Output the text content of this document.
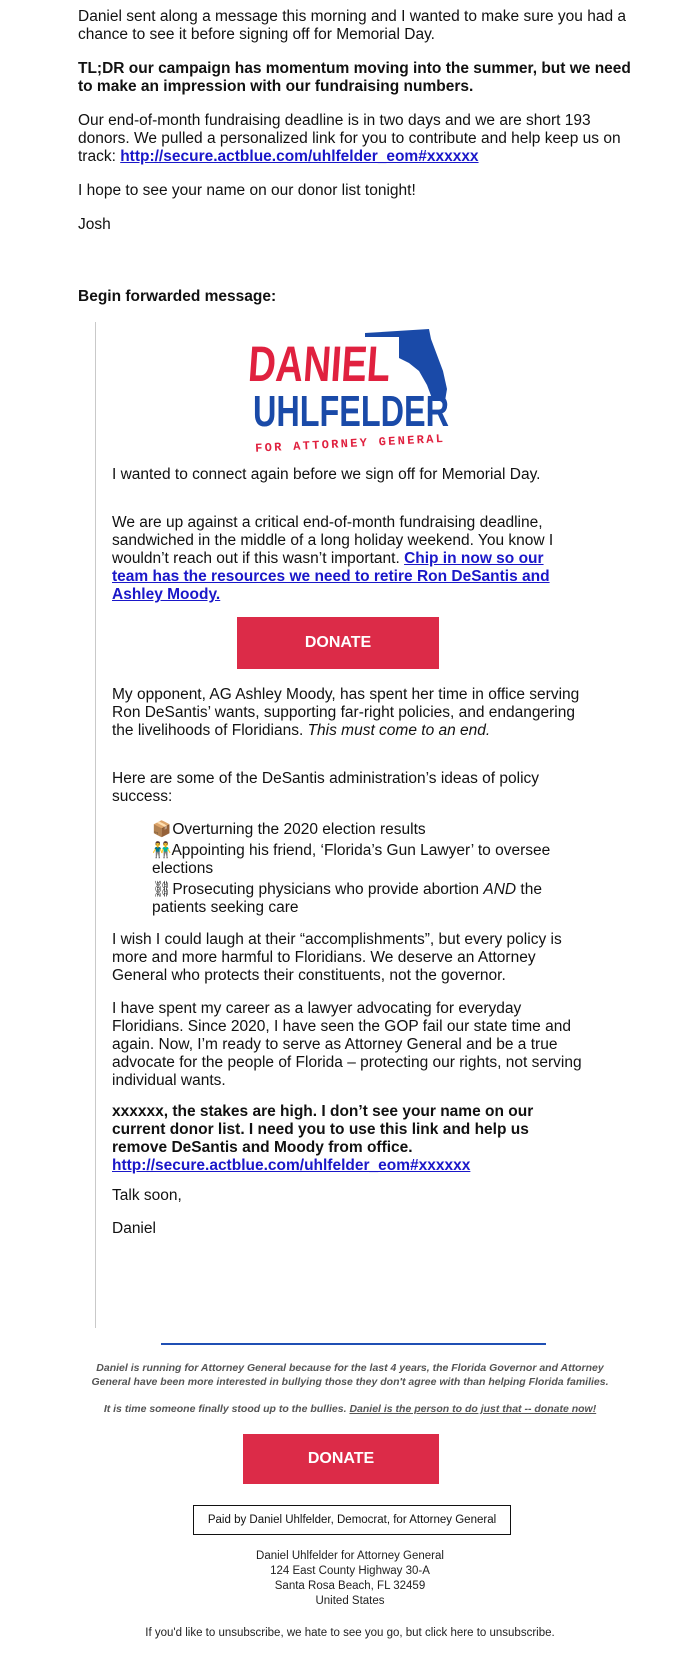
Daniel sent along a message this morning and I wanted to make sure you had a chance to see it before signing off for Memorial Day.

TL;DR our campaign has momentum moving into the summer, but we need to make an impression with our fundraising numbers.

Our end-of-month fundraising deadline is in two days and we are short 193 donors. We pulled a personalized link for you to contribute and help keep us on track: http://secure.actblue.com/uhlfelder_eom#xxxxxx

I hope to see your name on our donor list tonight!

Josh

Begin forwarded message:
DANIEL
UHLFELDER
FOR ATTORNEY GENERAL
I wanted to connect again before we sign off for Memorial Day.
We are up against a critical end-of-month fundraising deadline, sandwiched in the middle of a long holiday weekend. You know I wouldn’t reach out if this wasn’t important. Chip in now so our team has the resources we need to retire Ron DeSantis and Ashley Moody.
DONATE
My opponent, AG Ashley Moody, has spent her time in office serving Ron DeSantis’ wants, supporting far-right policies, and endangering the livelihoods of Floridians. This must come to an end.
Here are some of the DeSantis administration’s ideas of policy success:
📦 Overturning the 2020 election results
👬 Appointing his friend, ‘Florida’s Gun Lawyer’ to oversee elections
⛓ Prosecuting physicians who provide abortion AND the patients seeking care
I wish I could laugh at their “accomplishments”, but every policy is more and more harmful to Floridians. We deserve an Attorney General who protects their constituents, not the governor.
I have spent my career as a lawyer advocating for everyday Floridians. Since 2020, I have seen the GOP fail our state time and again. Now, I’m ready to serve as Attorney General and be a true advocate for the people of Florida – protecting our rights, not serving individual wants.
xxxxxx, the stakes are high. I don’t see your name on our current donor list. I need you to use this link and help us remove DeSantis and Moody from office.
http://secure.actblue.com/uhlfelder_eom#xxxxxx
Talk soon,
Daniel
Daniel is running for Attorney General because for the last 4 years, the Florida Governor and Attorney General have been more interested in bullying those they don't agree with than helping Florida families.
It is time someone finally stood up to the bullies. Daniel is the person to do just that -- donate now!
DONATE
Paid by Daniel Uhlfelder, Democrat, for Attorney General
Daniel Uhlfelder for Attorney General
124 East County Highway 30-A
Santa Rosa Beach, FL 32459
United States
If you'd like to unsubscribe, we hate to see you go, but click here to unsubscribe.
